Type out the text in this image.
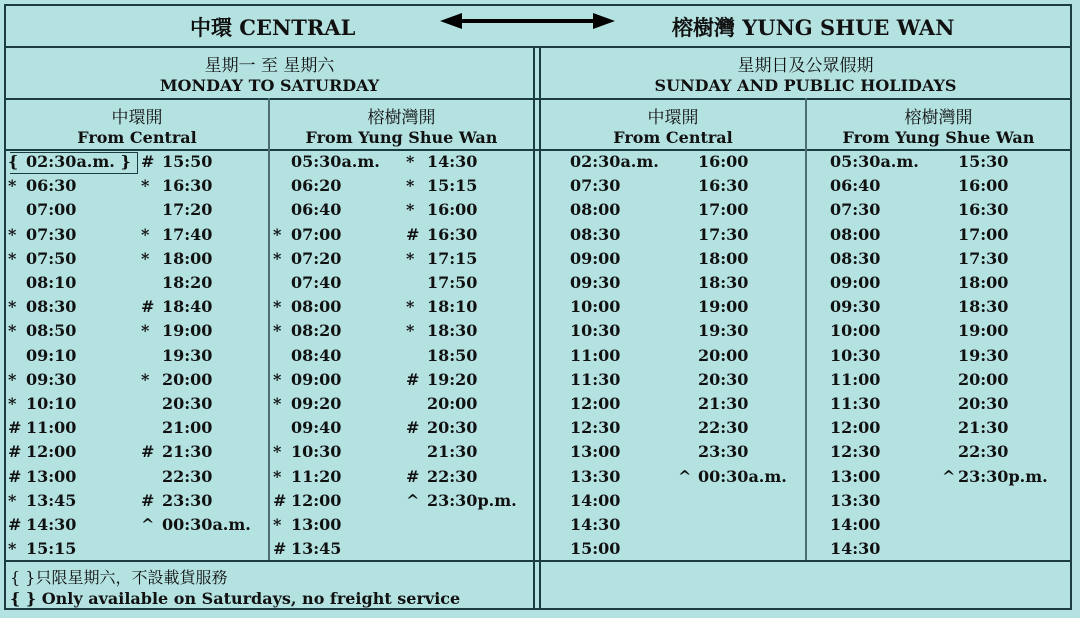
中環 CENTRAL	榕樹灣 YUNG SHUE WAN
星期一 至 星期六
MONDAY TO SATURDAY
星期日及公眾假期
SUNDAY AND PUBLIC HOLIDAYS
中環開
From Central
榕樹灣開
From Yung Shue Wan
中環開
From Central
榕樹灣開
From Yung Shue Wan
{ 02:30a.m. } # 15:50
* 06:30	* 16:30
07:00	17:20
* 07:30	* 17:40
* 07:50	* 18:00
08:10	18:20
* 08:30	# 18:40
* 08:50	* 19:00
09:10	19:30
* 09:30	* 20:00
* 10:10	20:30
# 11:00	21:00
# 12:00	# 21:30
# 13:00	22:30
* 13:45	# 23:30
# 14:30	^ 00:30a.m.
* 15:15
05:30a.m. * 14:30
06:20	* 15:15
06:40	* 16:00
* 07:00	# 16:30
* 07:20	* 17:15
07:40	17:50
* 08:00	* 18:10
* 08:20	* 18:30
08:40	18:50
* 09:00	# 19:20
* 09:20	20:00
09:40	# 20:30
* 10:30	21:30
* 11:20	# 22:30
# 12:00	^ 23:30p.m.
* 13:00
# 13:45
02:30a.m. 16:00
07:30	16:30
08:00	17:00
08:30	17:30
09:00	18:00
09:30	18:30
10:00	19:00
10:30	19:30
11:00	20:00
11:30	20:30
12:00	21:30
12:30	22:30
13:00	23:30
13:30	^ 00:30a.m.
14:00
14:30
15:00
05:30a.m. 15:30
06:40	16:00
07:30	16:30
08:00	17:00
08:30	17:30
09:00	18:00
09:30	18:30
10:00	19:00
10:30	19:30
11:00	20:00
11:30	20:30
12:00	21:30
12:30	22:30
13:00	^ 23:30p.m.
13:30
14:00
14:30
{ }只限星期六，不設載貨服務
{ } Only available on Saturdays, no freight service
